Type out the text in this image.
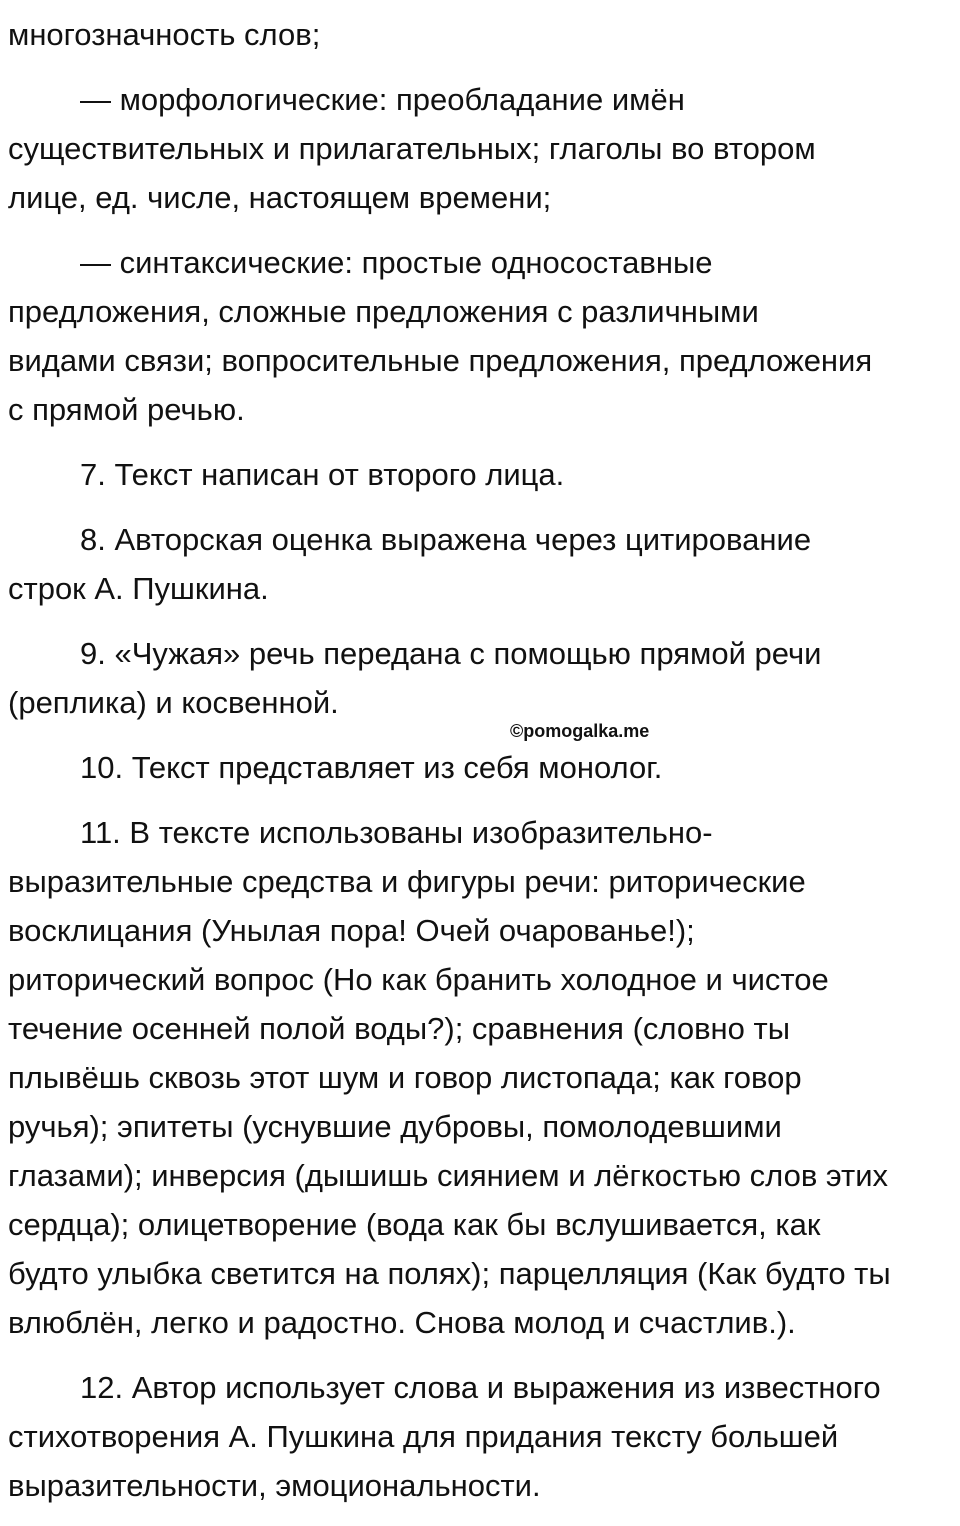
многозначность слов;
— морфологические: преобладание имён
существительных и прилагательных; глаголы во втором
лице, ед. числе, настоящем времени;
— синтаксические: простые односоставные
предложения, сложные предложения с различными
видами связи; вопросительные предложения, предложения
с прямой речью.
7. Текст написан от второго лица.
8. Авторская оценка выражена через цитирование
строк А. Пушкина.
9. «Чужая» речь передана с помощью прямой речи
(реплика) и косвенной.
10. Текст представляет из себя монолог.
11. В тексте использованы изобразительно-
выразительные средства и фигуры речи: риторические
восклицания (Унылая пора! Очей очарованье!);
риторический вопрос (Но как бранить холодное и чистое
течение осенней полой воды?); сравнения (словно ты
плывёшь сквозь этот шум и говор листопада; как говор
ручья); эпитеты (уснувшие дубровы, помолодевшими
глазами); инверсия (дышишь сиянием и лёгкостью слов этих
сердца); олицетворение (вода как бы вслушивается, как
будто улыбка светится на полях); парцелляция (Как будто ты
влюблён, легко и радостно. Снова молод и счастлив.).
12. Автор использует слова и выражения из известного
стихотворения А. Пушкина для придания тексту большей
выразительности, эмоциональности.
©pomogalka.me
